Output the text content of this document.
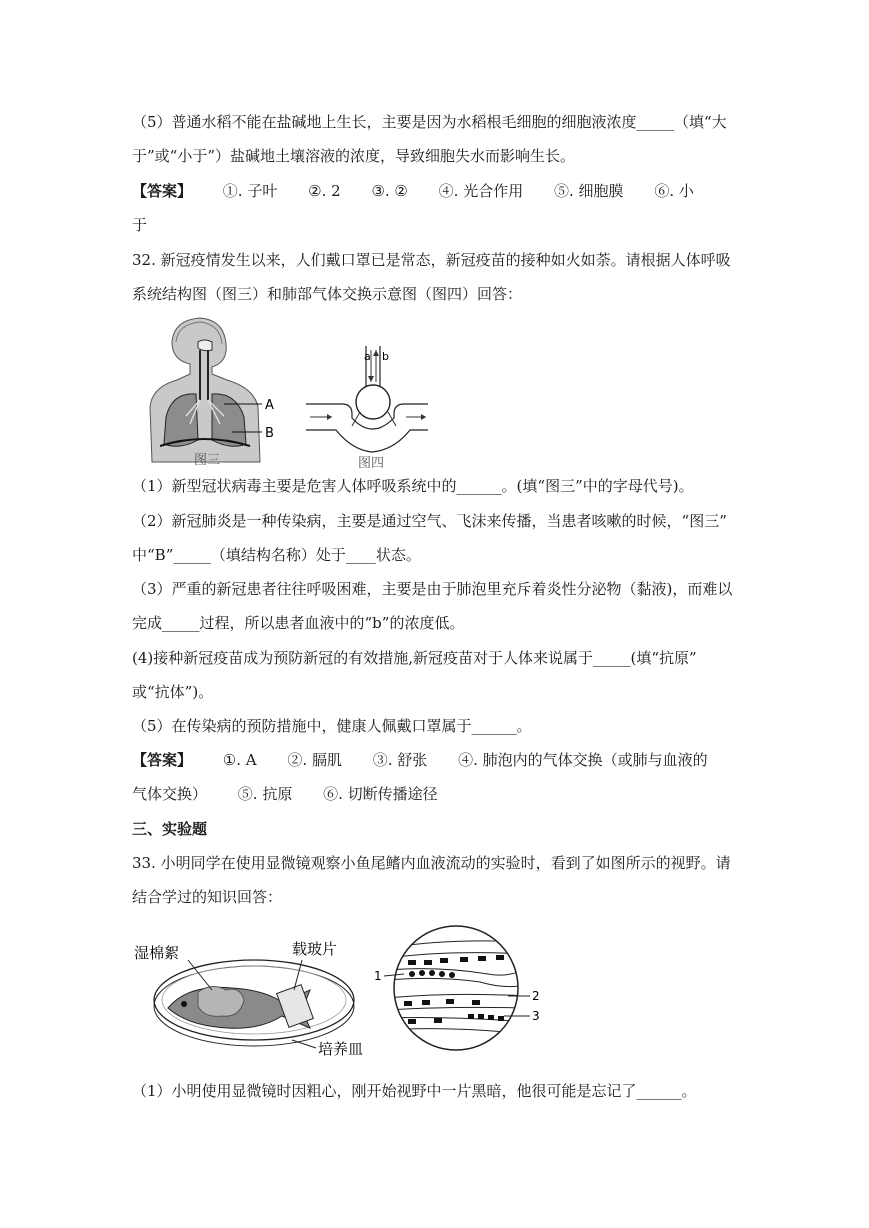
（5）普通水稻不能在盐碱地上生长，主要是因为水稻根毛细胞的细胞液浓度_____（填“大
于”或“小于”）盐碱地土壤溶液的浓度，导致细胞失水而影响生长。
【答案】 ①. 子叶 ②. 2 ③. ② ④. 光合作用 ⑤. 细胞膜 ⑥. 小
于
32. 新冠疫情发生以来，人们戴口罩已是常态，新冠疫苗的接种如火如荼。请根据人体呼吸
系统结构图（图三）和肺部气体交换示意图（图四）回答：
A
B
图三
a b
图四
（1）新型冠状病毒主要是危害人体呼吸系统中的______。(填“图三”中的字母代号)。
（2）新冠肺炎是一种传染病，主要是通过空气、飞沫来传播，当患者咳嗽的时候，“图三”
中“B”_____（填结构名称）处于____状态。
（3）严重的新冠患者往往呼吸困难，主要是由于肺泡里充斥着炎性分泌物（黏液)，而难以
完成_____过程，所以患者血液中的“b”的浓度低。
(4)接种新冠疫苗成为预防新冠的有效措施,新冠疫苗对于人体来说属于_____(填“抗原”
或“抗体”)。
（5）在传染病的预防措施中，健康人佩戴口罩属于______。
【答案】 ①. A ②. 膈肌 ③. 舒张 ④. 肺泡内的气体交换（或肺与血液的
气体交换） ⑤. 抗原 ⑥. 切断传播途径
三、实验题
33. 小明同学在使用显微镜观察小鱼尾鳍内血液流动的实验时，看到了如图所示的视野。请
结合学过的知识回答：
湿棉絮	载玻片
培养皿
1
2
3
（1）小明使用显微镜时因粗心，刚开始视野中一片黑暗，他很可能是忘记了______。
